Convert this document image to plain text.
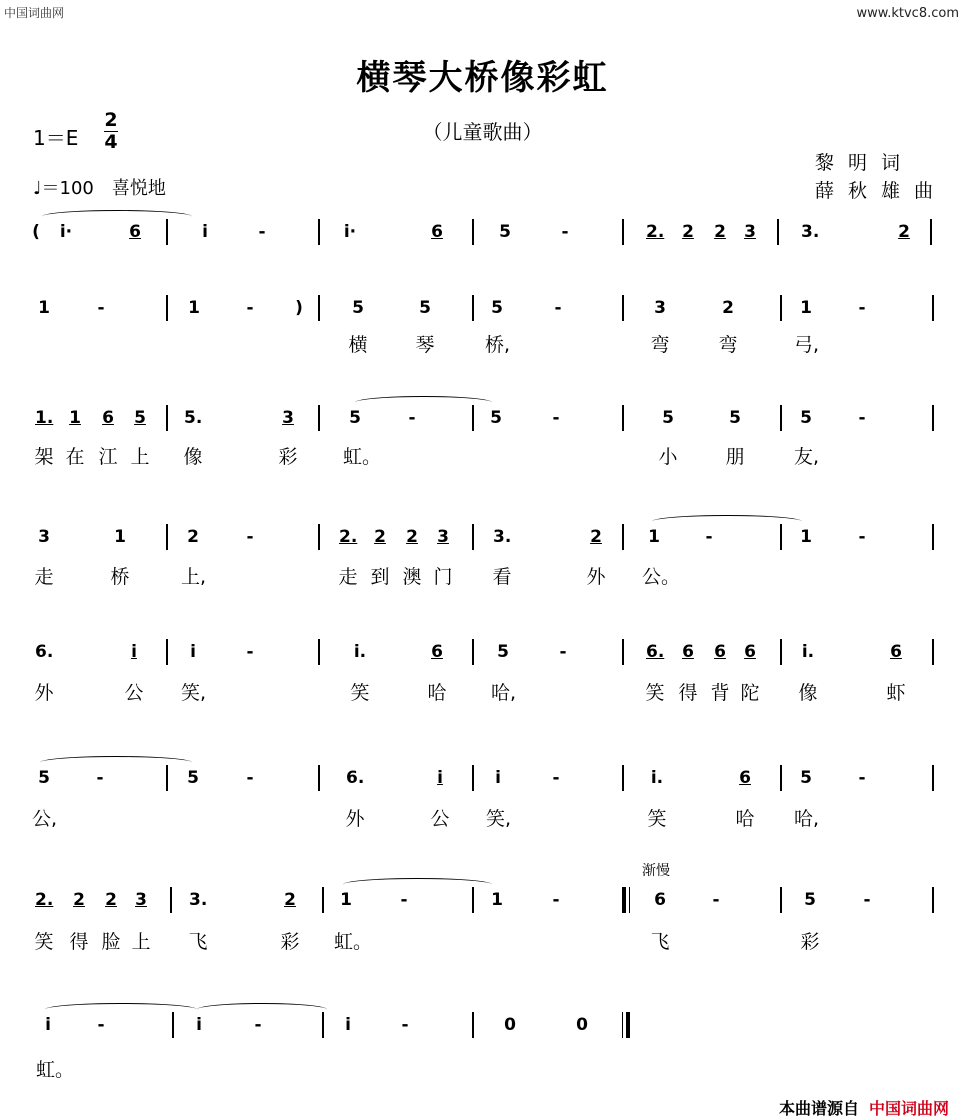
中国词曲网	www.ktvc8.com
横琴大桥像彩虹
（儿童歌曲）
1＝E
2
4
♩＝100　喜悦地
黎明词
薛秋雄曲
(	i·	6	i	-	i·	6	5	-	2. 2 2 3	3.	2
1	-	1	-	)	5	5	5	-	3	2	1	-
横	琴	桥,	弯	弯	弓,
1. 1 6 5 5.	3	5	-	5	-	5	5	5	-
架 在 江 上 像	彩 虹。	小	朋	友,
3	1	2	-	2. 2 2 3	3.	2	1	-	1	-
走	桥	上,	走 到 澳 门 看	外 公。
6.	i	i	-	i.	6	5	-	6. 6 6 6	i.	6
外	公 笑,	笑	哈 哈,	笑 得 背 陀 像	虾
5	-	5	-	6.	i	i	-	i.	6	5	-
公,	外	公 笑,	笑	哈 哈,
2. 2 2 3 3.	2	1	-	1	-	6	-	5	-
笑 得 脸 上 飞	彩 虹。	飞	彩
i	-	i	-	i	-	0	0
虹。
渐慢
本曲谱源自 中国词曲网
